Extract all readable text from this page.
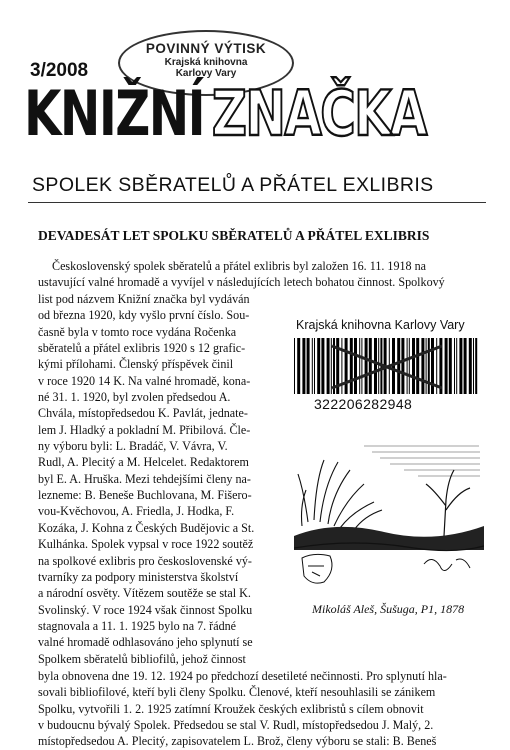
POVINNÝ VÝTISK
Krajská knihovna
Karlovy Vary
3/2008
KNIŽNÍ ZNAČKA
SPOLEK SBĚRATELŮ A PŘÁTEL EXLIBRIS
DEVADESÁT LET SPOLKU SBĚRATELŮ A PŘÁTEL EXLIBRIS
Československý spolek sběratelů a přátel exlibris byl založen 16. 11. 1918 na
ustavující valné hromadě a vyvíjel v následujících letech bohatou činnost. Spolkový
list pod názvem Knižní značka byl vydáván
od března 1920, kdy vyšlo první číslo. Sou-
časně byla v tomto roce vydána Ročenka
sběratelů a přátel exlibris 1920 s 12 grafic-
kými přílohami. Členský příspěvek činil
v roce 1920 14 K. Na valné hromadě, kona-
né 31. 1. 1920, byl zvolen předsedou A.
Chvála, místopředsedou K. Pavlát, jednate-
lem J. Hladký a pokladní M. Přibilová. Čle-
ny výboru byli: L. Bradáč, V. Vávra, V.
Rudl, A. Plecitý a M. Helcelet. Redaktorem
byl E. A. Hruška. Mezi tehdejšími členy na-
lezneme: B. Beneše Buchlovana, M. Fišero-
vou-Kvěchovou, A. Friedla, J. Hodka, F.
Kozáka, J. Kohna z Českých Budějovic a St.
Kulhánka. Spolek vypsal v roce 1922 soutěž
na spolkové exlibris pro československé vý-
tvarníky za podpory ministerstva školství
a národní osvěty. Vítězem soutěže se stal K.
Svolinský. V roce 1924 však činnost Spolku
stagnovala a 11. 1. 1925 bylo na 7. řádné
valné hromadě odhlasováno jeho splynutí se
Spolkem sběratelů bibliofilů, jehož činnost
byla obnovena dne 19. 12. 1924 po předchozí desetileté nečinnosti. Pro splynutí hla-
sovali bibliofilové, kteří byli členy Spolku. Členové, kteří nesouhlasili se zánikem
Spolku, vytvořili 1. 2. 1925 zatímní Kroužek českých exlibristů s cílem obnovit
v budoucnu bývalý Spolek. Předsedou se stal V. Rudl, místopředsedou J. Malý, 2.
místopředsedou A. Plecitý, zapisovatelem L. Brož, členy výboru se stali: B. Beneš
Krajská knihovna Karlovy Vary
322206282948
Mikoláš Aleš, Šušuga, P1, 1878
